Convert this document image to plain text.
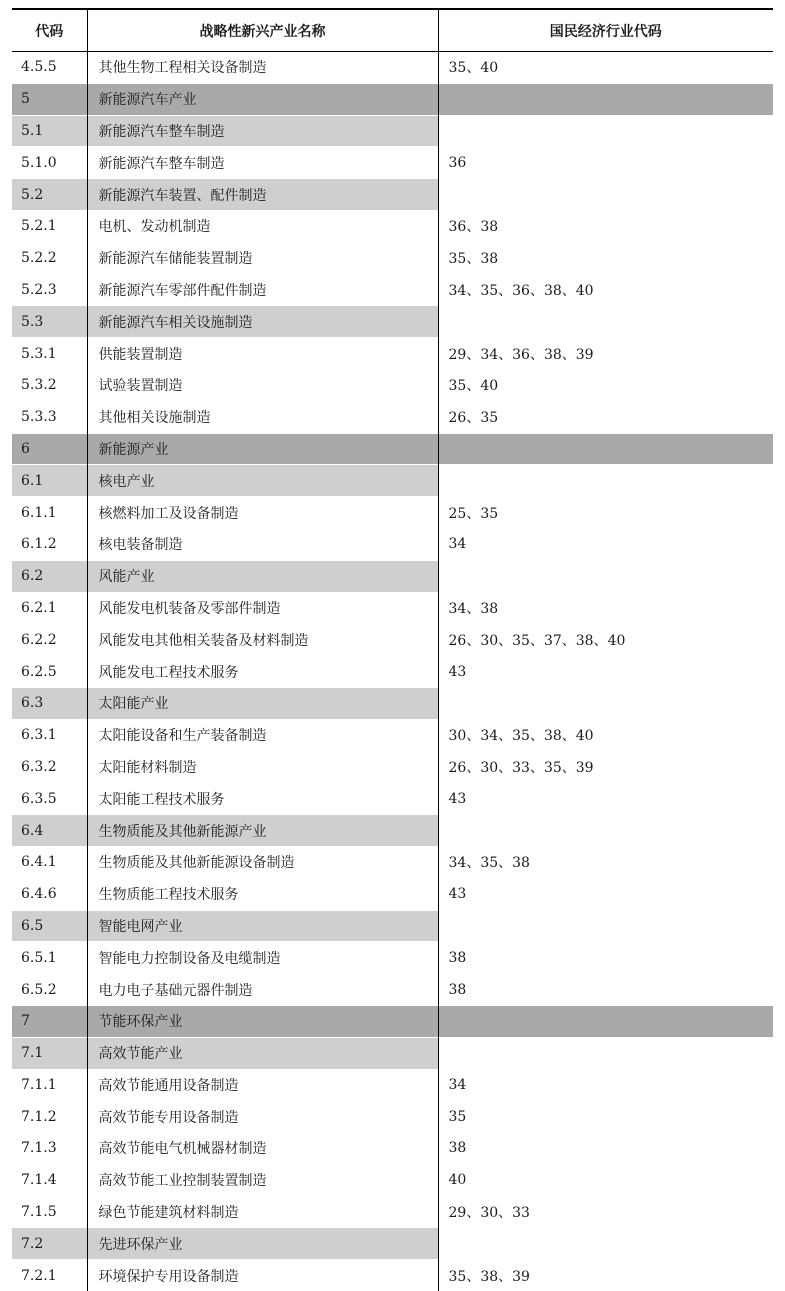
代码	战略性新兴产业名称	国民经济行业代码
4.5.5	其他生物工程相关设备制造	35、40
5	新能源汽车产业	
5.1	新能源汽车整车制造	
5.1.0	新能源汽车整车制造	36
5.2	新能源汽车装置、配件制造	
5.2.1	电机、发动机制造	36、38
5.2.2	新能源汽车储能装置制造	35、38
5.2.3	新能源汽车零部件配件制造	34、35、36、38、40
5.3	新能源汽车相关设施制造	
5.3.1	供能装置制造	29、34、36、38、39
5.3.2	试验装置制造	35、40
5.3.3	其他相关设施制造	26、35
6	新能源产业	
6.1	核电产业	
6.1.1	核燃料加工及设备制造	25、35
6.1.2	核电装备制造	34
6.2	风能产业	
6.2.1	风能发电机装备及零部件制造	34、38
6.2.2	风能发电其他相关装备及材料制造	26、30、35、37、38、40
6.2.5	风能发电工程技术服务	43
6.3	太阳能产业	
6.3.1	太阳能设备和生产装备制造	30、34、35、38、40
6.3.2	太阳能材料制造	26、30、33、35、39
6.3.5	太阳能工程技术服务	43
6.4	生物质能及其他新能源产业	
6.4.1	生物质能及其他新能源设备制造	34、35、38
6.4.6	生物质能工程技术服务	43
6.5	智能电网产业	
6.5.1	智能电力控制设备及电缆制造	38
6.5.2	电力电子基础元器件制造	38
7	节能环保产业	
7.1	高效节能产业	
7.1.1	高效节能通用设备制造	34
7.1.2	高效节能专用设备制造	35
7.1.3	高效节能电气机械器材制造	38
7.1.4	高效节能工业控制装置制造	40
7.1.5	绿色节能建筑材料制造	29、30、33
7.2	先进环保产业	
7.2.1	环境保护专用设备制造	35、38、39
